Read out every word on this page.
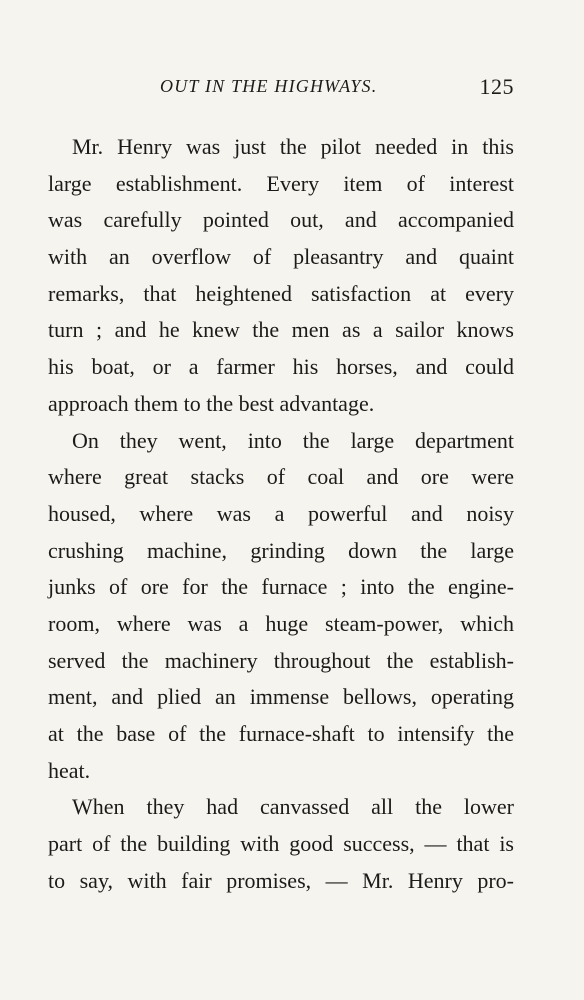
OUT IN THE HIGHWAYS.	125
Mr. Henry was just the pilot needed in this
large establishment. Every item of interest
was carefully pointed out, and accompanied
with an overflow of pleasantry and quaint
remarks, that heightened satisfaction at every
turn ; and he knew the men as a sailor knows
his boat, or a farmer his horses, and could
approach them to the best advantage.
On they went, into the large department
where great stacks of coal and ore were
housed, where was a powerful and noisy
crushing machine, grinding down the large
junks of ore for the furnace ; into the engine-
room, where was a huge steam-power, which
served the machinery throughout the establish-
ment, and plied an immense bellows, operating
at the base of the furnace-shaft to intensify the
heat.
When they had canvassed all the lower
part of the building with good success, — that is
to say, with fair promises, — Mr. Henry pro-
